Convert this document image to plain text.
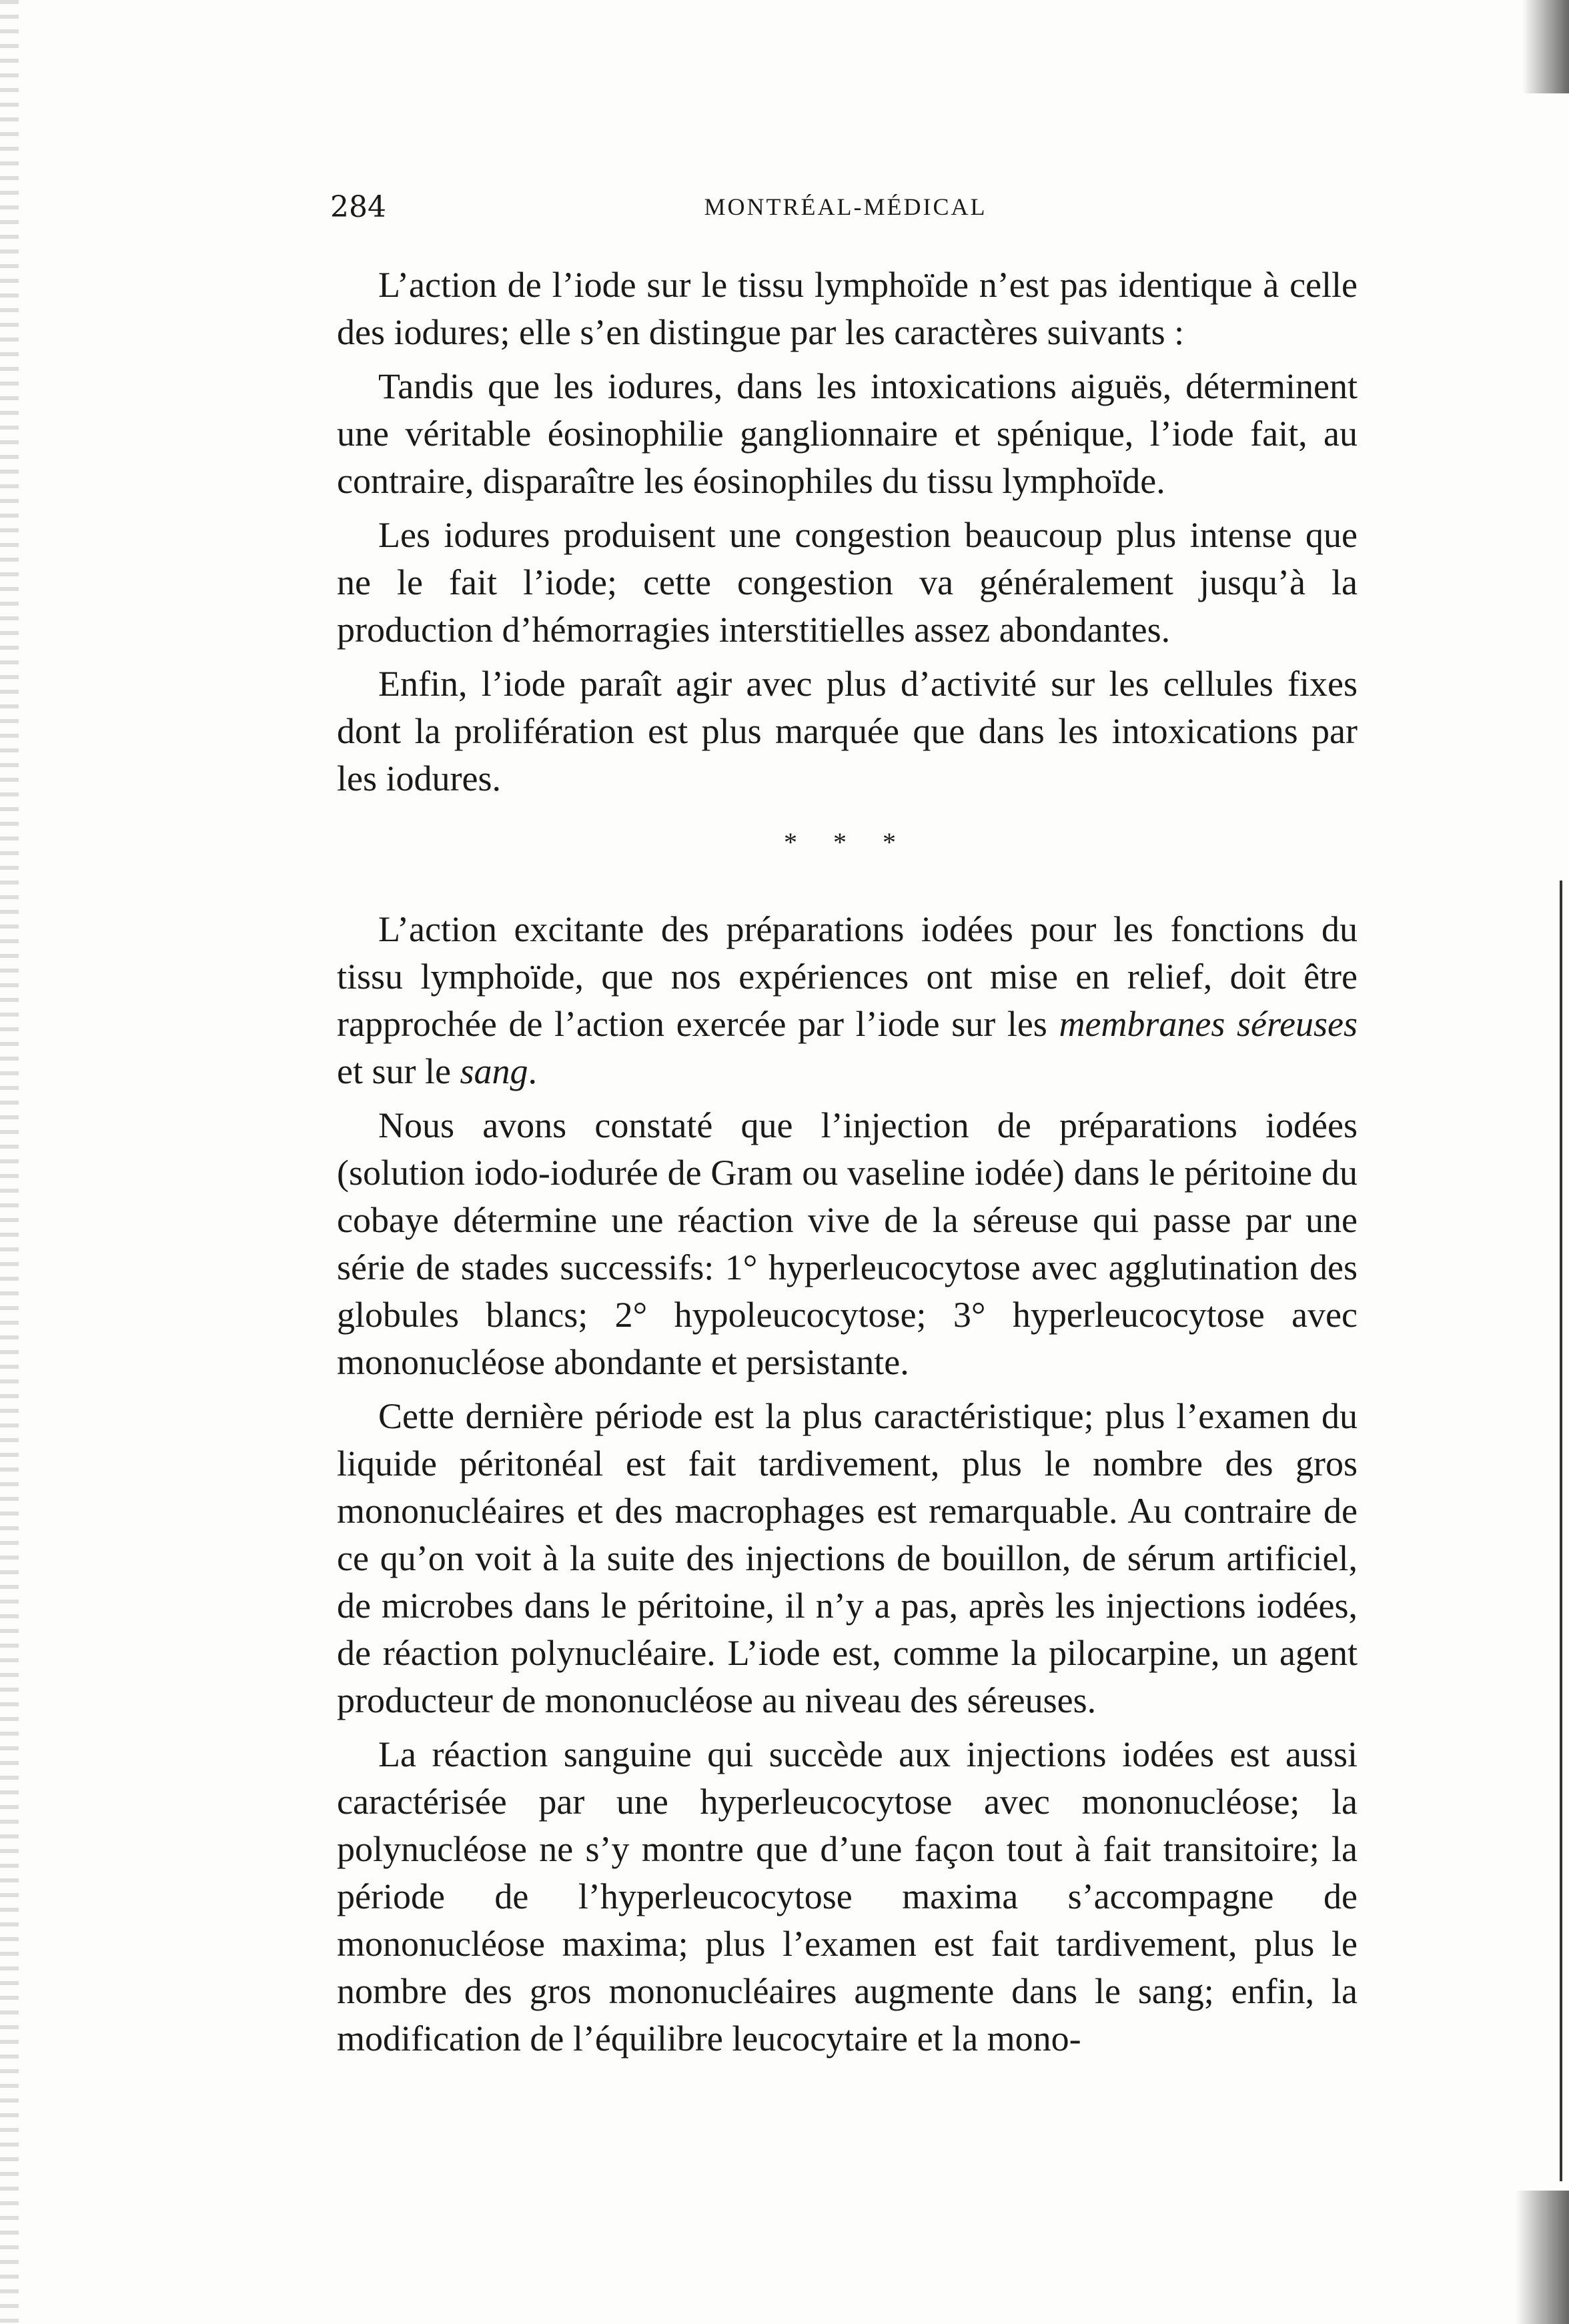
284	MONTRÉAL-MÉDICAL

L’action de l’iode sur le tissu lymphoïde n’est pas identique à celle des iodures; elle s’en distingue par les caractères suivants :

Tandis que les iodures, dans les intoxications aiguës, déterminent une véritable éosinophilie ganglionnaire et spénique, l’iode fait, au contraire, disparaître les éosinophiles du tissu lymphoïde.

Les iodures produisent une congestion beaucoup plus intense que ne le fait l’iode; cette congestion va généralement jusqu’à la production d’hémorragies interstitielles assez abondantes.

Enfin, l’iode paraît agir avec plus d’activité sur les cellules fixes dont la prolifération est plus marquée que dans les intoxications par les iodures.

* * *

L’action excitante des préparations iodées pour les fonctions du tissu lymphoïde, que nos expériences ont mise en relief, doit être rapprochée de l’action exercée par l’iode sur les membranes séreuses et sur le sang.

Nous avons constaté que l’injection de préparations iodées (solution iodo-iodurée de Gram ou vaseline iodée) dans le péritoine du cobaye détermine une réaction vive de la séreuse qui passe par une série de stades successifs: 1° hyperleucocytose avec agglutination des globules blancs; 2° hypoleucocytose; 3° hyperleucocytose avec mononucléose abondante et persistante.

Cette dernière période est la plus caractéristique; plus l’examen du liquide péritonéal est fait tardivement, plus le nombre des gros mononucléaires et des macrophages est remarquable. Au contraire de ce qu’on voit à la suite des injections de bouillon, de sérum artificiel, de microbes dans le péritoine, il n’y a pas, après les injections iodées, de réaction polynucléaire. L’iode est, comme la pilocarpine, un agent producteur de mononucléose au niveau des séreuses.

La réaction sanguine qui succède aux injections iodées est aussi caractérisée par une hyperleucocytose avec mononucléose; la polynucléose ne s’y montre que d’une façon tout à fait transitoire; la période de l’hyperleucocytose maxima s’accompagne de mononucléose maxima; plus l’examen est fait tardivement, plus le nombre des gros mononucléaires augmente dans le sang; enfin, la modification de l’équilibre leucocytaire et la mono-
